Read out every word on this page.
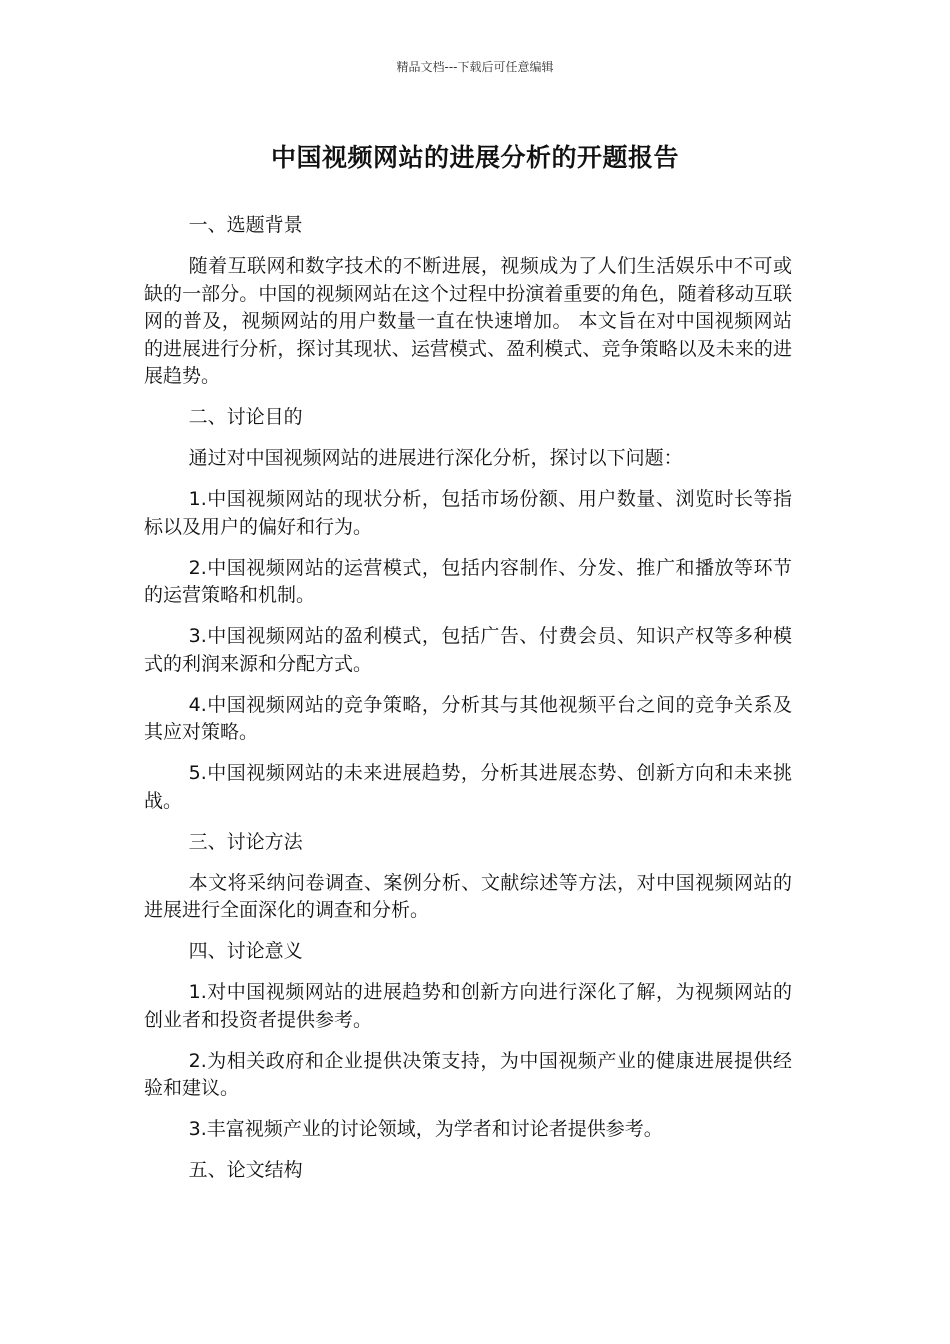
精品文档---下载后可任意编辑
中国视频网站的进展分析的开题报告

一、选题背景

随着互联网和数字技术的不断进展，视频成为了人们生活娱乐中不可或缺的一部分。中国的视频网站在这个过程中扮演着重要的角色，随着移动互联网的普及，视频网站的用户数量一直在快速增加。 本文旨在对中国视频网站的进展进行分析，探讨其现状、运营模式、盈利模式、竞争策略以及未来的进展趋势。

二、讨论目的

通过对中国视频网站的进展进行深化分析，探讨以下问题：

1.中国视频网站的现状分析，包括市场份额、用户数量、浏览时长等指标以及用户的偏好和行为。

2.中国视频网站的运营模式，包括内容制作、分发、推广和播放等环节的运营策略和机制。

3.中国视频网站的盈利模式，包括广告、付费会员、知识产权等多种模式的利润来源和分配方式。

4.中国视频网站的竞争策略，分析其与其他视频平台之间的竞争关系及其应对策略。

5.中国视频网站的未来进展趋势，分析其进展态势、创新方向和未来挑战。

三、讨论方法

本文将采纳问卷调查、案例分析、文献综述等方法，对中国视频网站的进展进行全面深化的调查和分析。

四、讨论意义

1.对中国视频网站的进展趋势和创新方向进行深化了解，为视频网站的创业者和投资者提供参考。

2.为相关政府和企业提供决策支持，为中国视频产业的健康进展提供经验和建议。

3.丰富视频产业的讨论领域，为学者和讨论者提供参考。

五、论文结构
